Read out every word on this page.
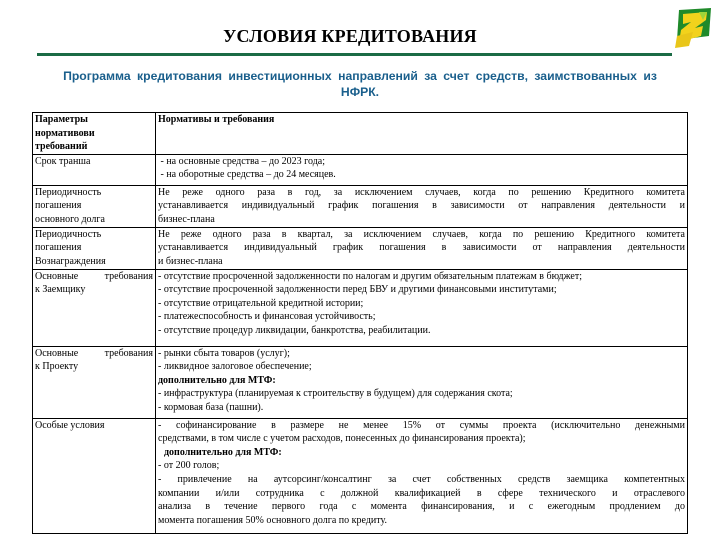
УСЛОВИЯ КРЕДИТОВАНИЯ
Программа кредитования инвестиционных направлений за счет средств, заимствованных из
НФРК.
Параметры
нормативови
требований	Нормативы и требования

Срок транша	- на основные средства – до 2023 года;
- на оборотные средства – до 24 месяцев.

Периодичность
погашения
основного долга	Не реже одного раза в год, за исключением случаев, когда по решению Кредитного комитета
устанавливается индивидуальный график погашения в зависимости от направления деятельности и
бизнес-плана

Периодичность
погашения
Вознаграждения	Не реже одного раза в квартал, за исключением случаев, когда по решению Кредитного комитета
устанавливается индивидуальный график погашения в зависимости от направления деятельности
и бизнес-плана

Основные требования
к Заемщику	- отсутствие просроченной задолженности по налогам и другим обязательным платежам в бюджет;
- отсутствие просроченной задолженности перед БВУ и другими финансовыми институтами;
- отсутствие отрицательной кредитной истории;
- платежеспособность и финансовая устойчивость;
- отсутствие процедур ликвидации, банкротства, реабилитации.

Основные требования
к Проекту	- рынки сбыта товаров (услуг);
- ликвидное залоговое обеспечение;
дополнительно для МТФ:
- инфраструктура (планируемая к строительству в будущем) для содержания скота;
- кормовая база (пашни).

Особые условия	- софинансирование в размере не менее 15% от суммы проекта (исключительно денежными
средствами, в том числе с учетом расходов, понесенных до финансирования проекта);
дополнительно для МТФ:
- от 200 голов;
- привлечение на аутсорсинг/консалтинг за счет собственных средств заемщика компетентных
компании и/или сотрудника с должной квалификацией в сфере технического и отраслевого
анализа в течение первого года с момента финансирования, и с ежегодным продлением до
момента погашения 50% основного долга по кредиту.
